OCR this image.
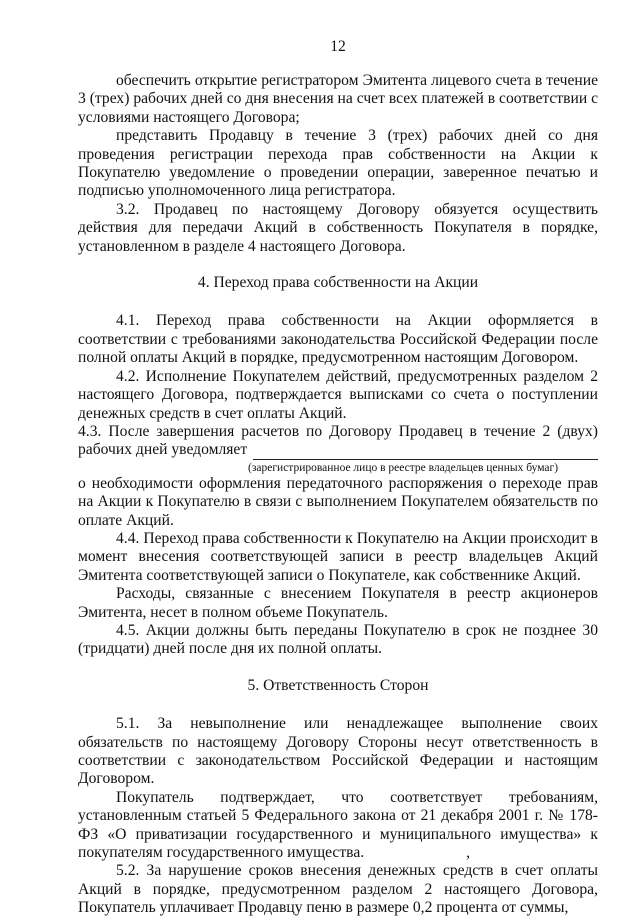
12

обеспечить открытие регистратором Эмитента лицевого счета в течение 3 (трех) рабочих дней со дня внесения на счет всех платежей в соответствии с условиями настоящего Договора;

представить Продавцу в течение 3 (трех) рабочих дней со дня проведения регистрации перехода прав собственности на Акции к Покупателю уведомление о проведении операции, заверенное печатью и подписью уполномоченного лица регистратора.

3.2. Продавец по настоящему Договору обязуется осуществить действия для передачи Акций в собственность Покупателя в порядке, установленном в разделе 4 настоящего Договора.

4. Переход права собственности на Акции

4.1. Переход права собственности на Акции оформляется в соответствии с требованиями законодательства Российской Федерации после полной оплаты Акций в порядке, предусмотренном настоящим Договором.

4.2. Исполнение Покупателем действий, предусмотренных разделом 2 настоящего Договора, подтверждается выписками со счета о поступлении денежных средств в счет оплаты Акций.

4.3. После завершения расчетов по Договору Продавец в течение 2 (двух)

рабочих дней уведомляет
(зарегистрированное лицо в реестре владельцев ценных бумаг)

о необходимости оформления передаточного распоряжения о переходе прав на Акции к Покупателю в связи с выполнением Покупателем обязательств по оплате Акций.

4.4. Переход права собственности к Покупателю на Акции происходит в момент внесения соответствующей записи в реестр владельцев Акций Эмитента соответствующей записи о Покупателе, как собственнике Акций.

Расходы, связанные с внесением Покупателя в реестр акционеров Эмитента, несет в полном объеме Покупатель.

4.5. Акции должны быть переданы Покупателю в срок не позднее 30 (тридцати) дней после дня их полной оплаты.

5. Ответственность Сторон

5.1. За невыполнение или ненадлежащее выполнение своих обязательств по настоящему Договору Стороны несут ответственность в соответствии с законодательством Российской Федерации и настоящим Договором.

Покупатель подтверждает, что соответствует требованиям, установленным статьей 5 Федерального закона от 21 декабря 2001 г. № 178-ФЗ «О приватизации государственного и муниципального имущества» к покупателям государственного имущества.	,

5.2. За нарушение сроков внесения денежных средств в счет оплаты Акций в порядке, предусмотренном разделом 2 настоящего Договора, Покупатель уплачивает Продавцу пеню в размере 0,2 процента от суммы,
